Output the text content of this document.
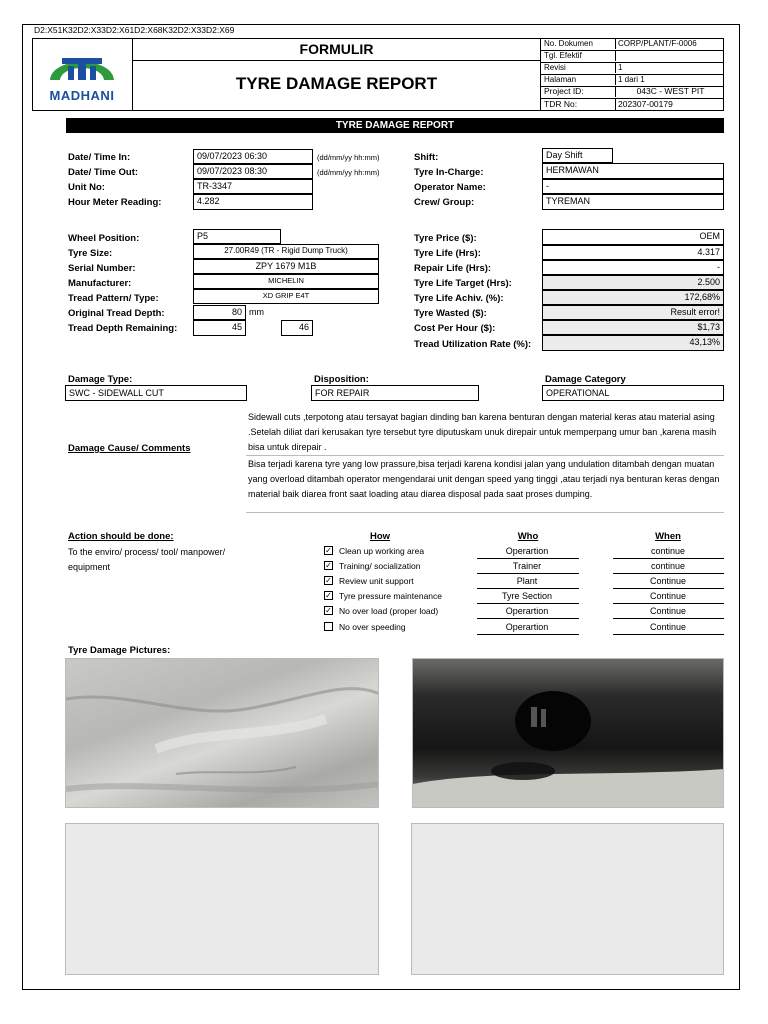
D2:X51K32D2:X33D2:X61D2:X68K32D2:X33D2:X69
MADHANI
FORMULIR
TYRE DAMAGE REPORT
No. Dokumen	CORP/PLANT/F-0006
Tgl. Efektif
Revisi	1
Halaman	1 dari 1
Project ID:	043C - WEST PIT
TDR No:	202307-00179
TYRE DAMAGE REPORT
Date/ Time In:	09/07/2023 06:30	(dd/mm/yy hh:mm)
Date/ Time Out:	09/07/2023 08:30	(dd/mm/yy hh:mm)
Unit No:	TR-3347
Hour Meter Reading:	4.282
Shift:	Day Shift
Tyre In-Charge:	HERMAWAN
Operator Name:	-
Crew/ Group:	TYREMAN
Wheel Position:	P5
Tyre Size:	27.00R49 (TR - Rigid Dump Truck)
Serial Number:	ZPY 1679 M1B
Manufacturer:	MICHELIN
Tread Pattern/ Type:	XD GRIP E4T
Original Tread Depth:	80 mm
Tread Depth Remaining:	45	46
Tyre Price ($):	OEM
Tyre Life (Hrs):	4.317
Repair Life (Hrs):	-
Tyre Life Target (Hrs):	2.500
Tyre Life Achiv. (%):	172,68%
Tyre Wasted ($):	Result error!
Cost Per Hour ($):	$1,73
Tread Utilization Rate (%):	43,13%
Damage Type:
SWC - SIDEWALL CUT
Disposition:
FOR REPAIR
Damage Category
OPERATIONAL
Damage Cause/ Comments
Sidewall cuts ,terpotong atau tersayat bagian dinding ban karena benturan dengan material keras atau material asing .Setelah diliat dari kerusakan tyre tersebut tyre diputuskam unuk direpair untuk memperpang umur ban ,karena masih bisa untuk direpair .
Bisa terjadi karena tyre yang low prassure,bisa terjadi karena kondisi jalan yang undulation ditambah dengan muatan yang overload ditambah operator mengendarai unit dengan speed yang tinggi ,atau terjadi nya benturan keras dengan material baik diarea front saat loading atau diarea disposal pada saat proses dumping.
Action should be done:
To the enviro/ process/ tool/ manpower/ equipment
How	Who	When
✓ Clean up working area	Operartion	continue
✓ Training/ socialization	Trainer	continue
✓ Review unit support	Plant	Continue
✓ Tyre pressure maintenance	Tyre Section	Continue
✓ No over load (proper load)	Operartion	Continue
No over speeding	Operartion	Continue
Tyre Damage Pictures:
